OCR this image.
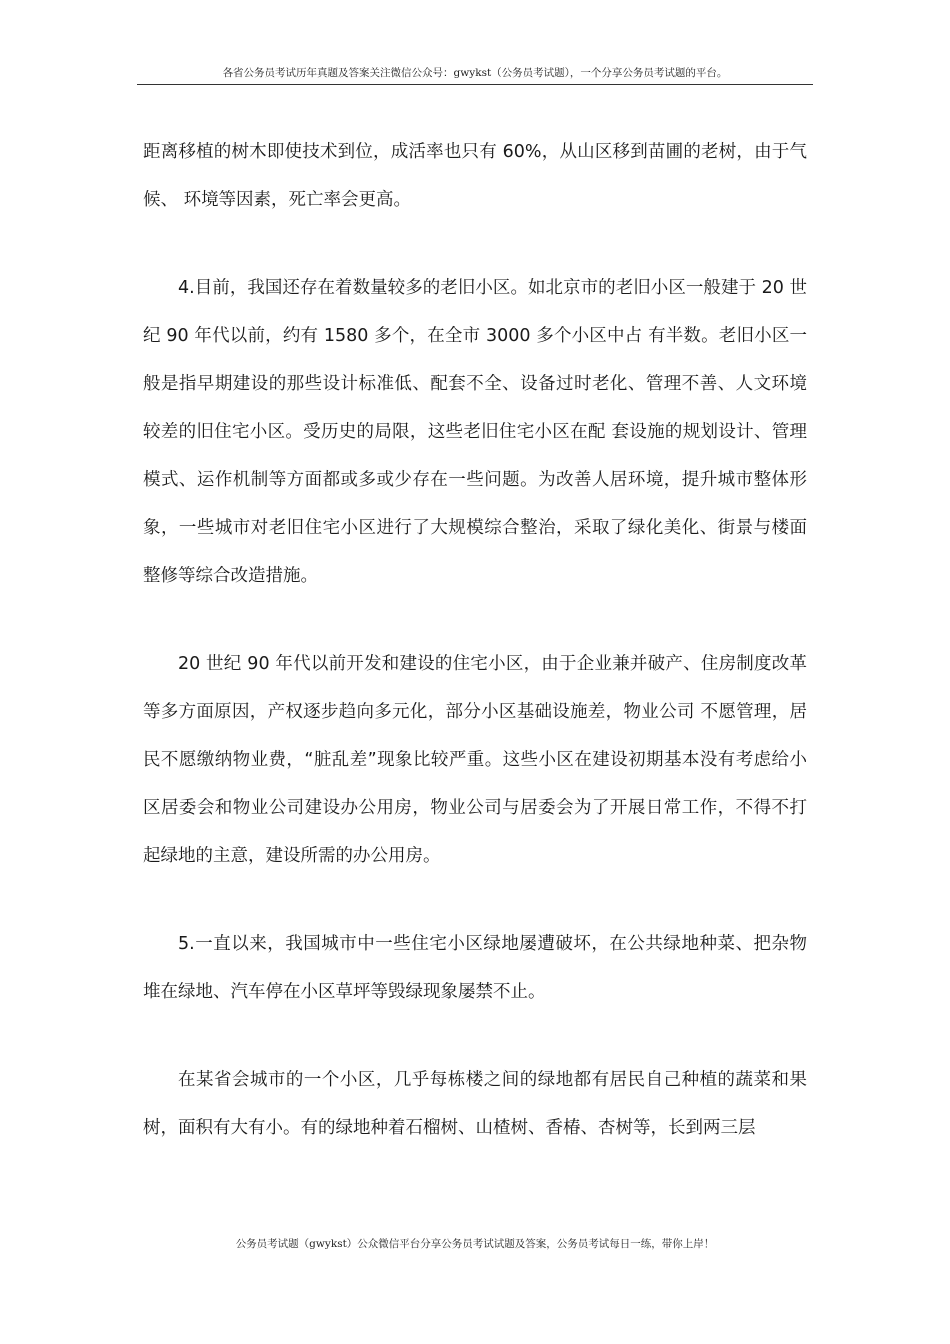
各省公务员考试历年真题及答案关注微信公众号：gwykst（公务员考试题），一个分享公务员考试题的平台。

距离移植的树木即使技术到位，成活率也只有 60%，从山区移到苗圃的老树，由于气候、 环境等因素，死亡率会更高。

4.目前，我国还存在着数量较多的老旧小区。如北京市的老旧小区一般建于 20 世纪 90 年代以前，约有 1580 多个，在全市 3000 多个小区中占 有半数。老旧小区一般是指早期建设的那些设计标准低、配套不全、设备过时老化、管理不善、人文环境较差的旧住宅小区。受历史的局限，这些老旧住宅小区在配 套设施的规划设计、管理模式、运作机制等方面都或多或少存在一些问题。为改善人居环境，提升城市整体形象，一些城市对老旧住宅小区进行了大规模综合整治，采取了绿化美化、街景与楼面整修等综合改造措施。

20 世纪 90 年代以前开发和建设的住宅小区，由于企业兼并破产、住房制度改革等多方面原因，产权逐步趋向多元化，部分小区基础设施差，物业公司 不愿管理，居民不愿缴纳物业费，“脏乱差”现象比较严重。这些小区在建设初期基本没有考虑给小区居委会和物业公司建设办公用房，物业公司与居委会为了开展日常工作，不得不打起绿地的主意，建设所需的办公用房。

5.一直以来，我国城市中一些住宅小区绿地屡遭破坏，在公共绿地种菜、把杂物堆在绿地、汽车停在小区草坪等毁绿现象屡禁不止。

在某省会城市的一个小区，几乎每栋楼之间的绿地都有居民自己种植的蔬菜和果树，面积有大有小。有的绿地种着石榴树、山楂树、香椿、杏树等，长到两三层

公务员考试题（gwykst）公众微信平台分享公务员考试试题及答案，公务员考试每日一练，带你上岸！
